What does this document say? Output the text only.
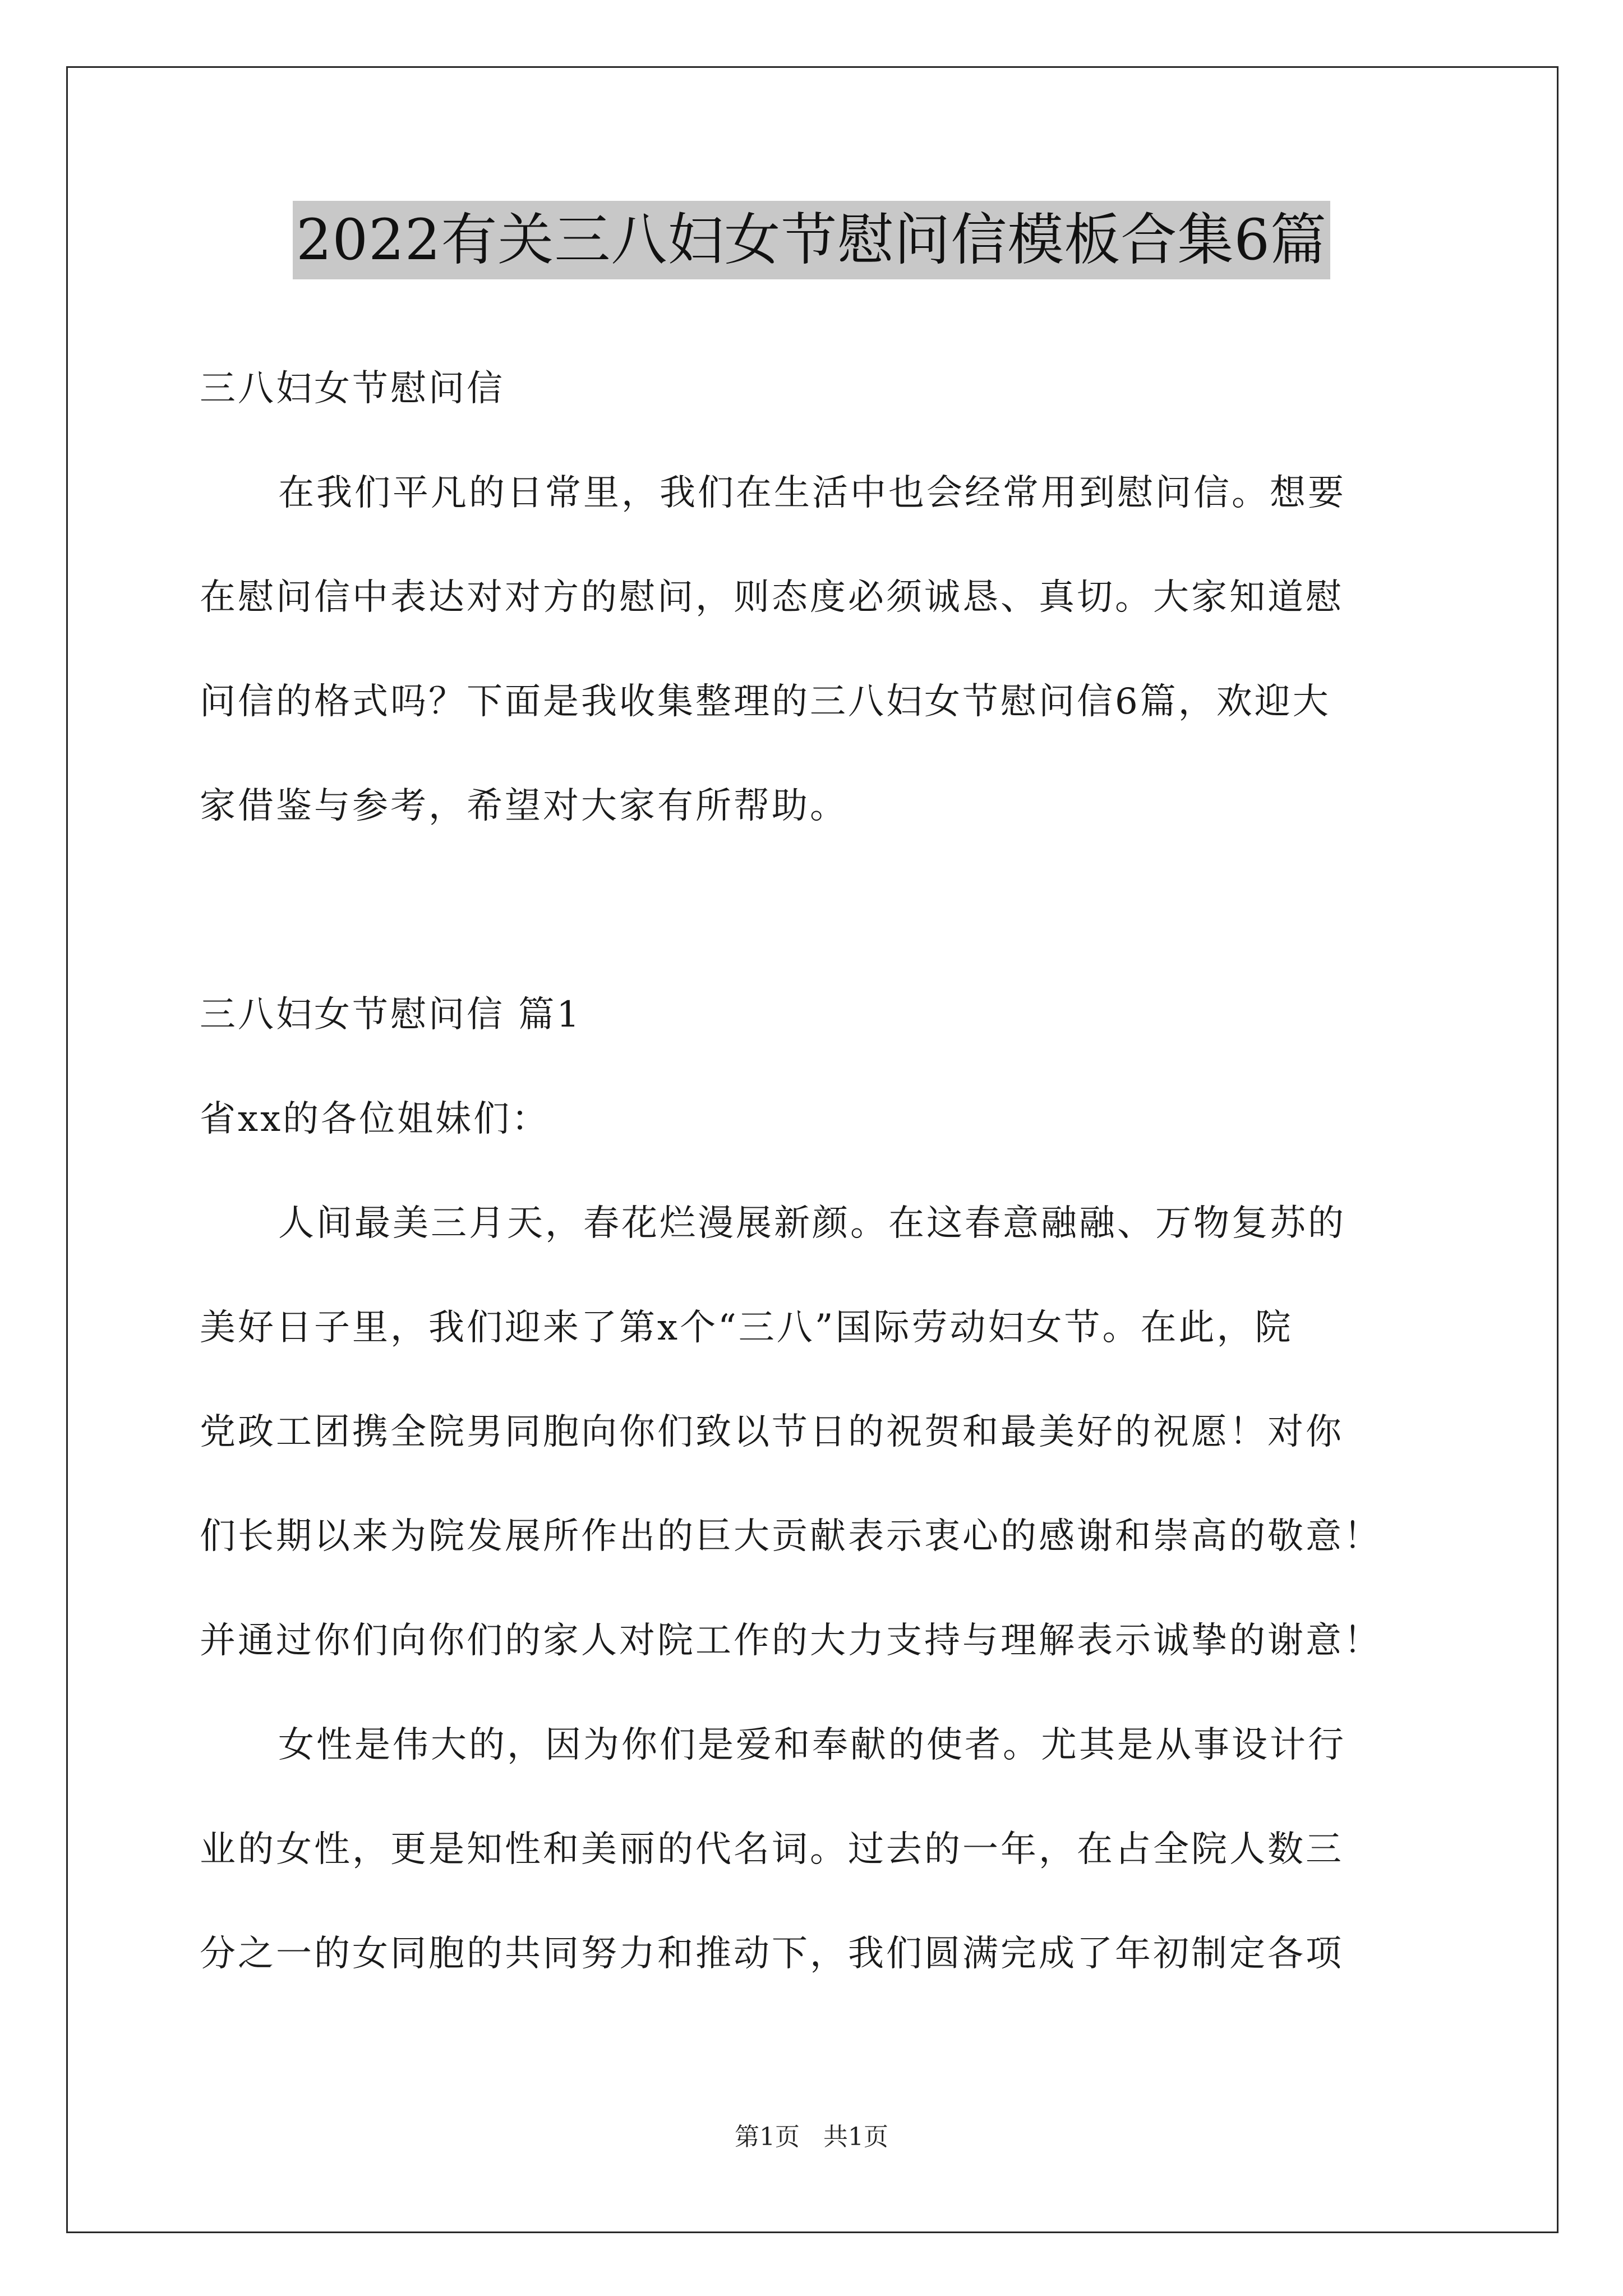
2022有关三八妇女节慰问信模板合集6篇
三八妇女节慰问信
在我们平凡的日常里，我们在生活中也会经常用到慰问信。想要
在慰问信中表达对对方的慰问，则态度必须诚恳、真切。大家知道慰
问信的格式吗？下面是我收集整理的三八妇女节慰问信6篇，欢迎大
家借鉴与参考，希望对大家有所帮助。
三八妇女节慰问信 篇1
省xx的各位姐妹们：
人间最美三月天，春花烂漫展新颜。在这春意融融、万物复苏的
美好日子里，我们迎来了第x个“三八”国际劳动妇女节。在此，院
党政工团携全院男同胞向你们致以节日的祝贺和最美好的祝愿！对你
们长期以来为院发展所作出的巨大贡献表示衷心的感谢和崇高的敬意！
并通过你们向你们的家人对院工作的大力支持与理解表示诚挚的谢意！
女性是伟大的，因为你们是爱和奉献的使者。尤其是从事设计行
业的女性，更是知性和美丽的代名词。过去的一年，在占全院人数三
分之一的女同胞的共同努力和推动下，我们圆满完成了年初制定各项
第1页 共1页
